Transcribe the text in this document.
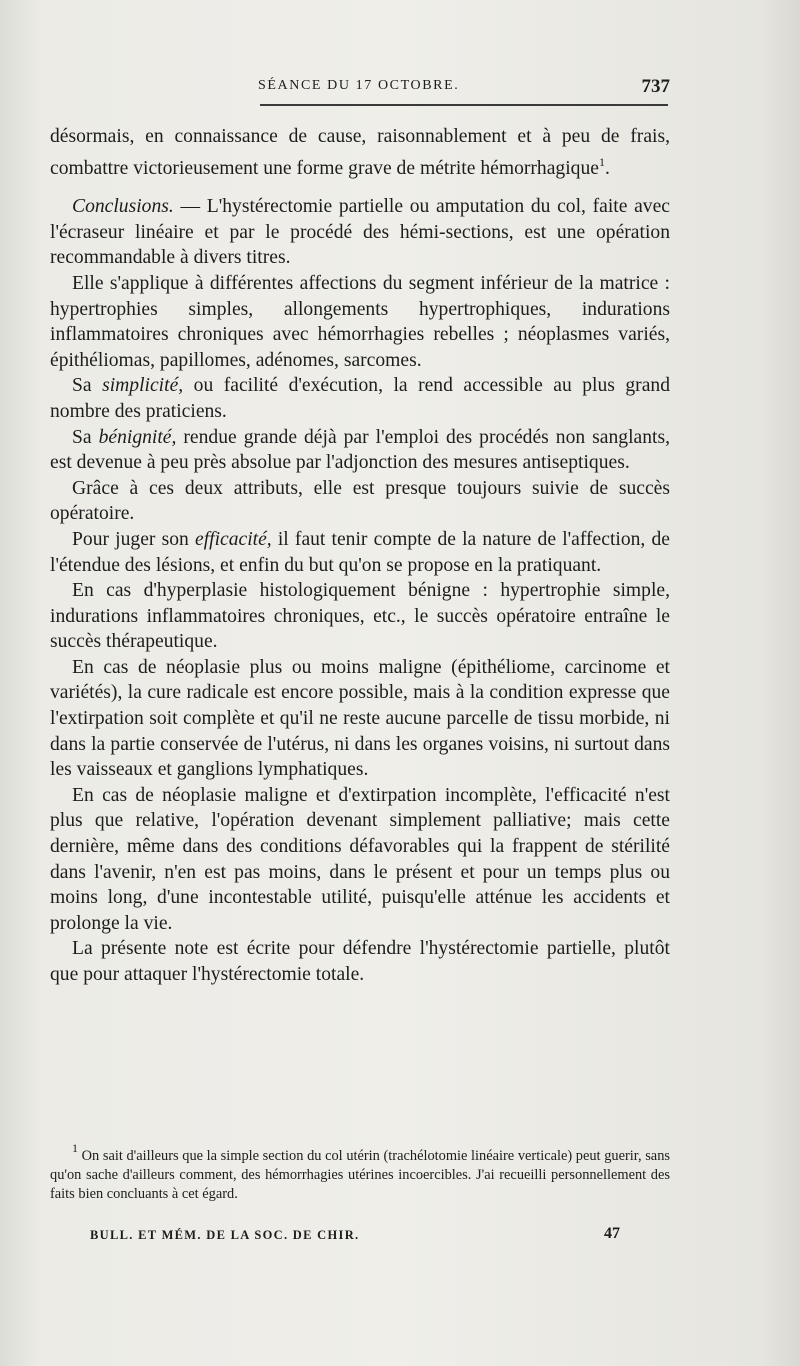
SÉANCE DU 17 OCTOBRE.	737

désormais, en connaissance de cause, raisonnablement et à peu de frais, combattre victorieusement une forme grave de métrite hémorrhagique$^1$.

Conclusions. — L'hystérectomie partielle ou amputation du col, faite avec l'écraseur linéaire et par le procédé des hémi-sections, est une opération recommandable à divers titres.

Elle s'applique à différentes affections du segment inférieur de la matrice : hypertrophies simples, allongements hypertrophiques, indurations inflammatoires chroniques avec hémorrhagies rebelles ; néoplasmes variés, épithéliomas, papillomes, adénomes, sarcomes.

Sa simplicité, ou facilité d'exécution, la rend accessible au plus grand nombre des praticiens.

Sa bénignité, rendue grande déjà par l'emploi des procédés non sanglants, est devenue à peu près absolue par l'adjonction des mesures antiseptiques.

Grâce à ces deux attributs, elle est presque toujours suivie de succès opératoire.

Pour juger son efficacité, il faut tenir compte de la nature de l'affection, de l'étendue des lésions, et enfin du but qu'on se propose en la pratiquant.

En cas d'hyperplasie histologiquement bénigne : hypertrophie simple, indurations inflammatoires chroniques, etc., le succès opératoire entraîne le succès thérapeutique.

En cas de néoplasie plus ou moins maligne (épithéliome, carcinome et variétés), la cure radicale est encore possible, mais à la condition expresse que l'extirpation soit complète et qu'il ne reste aucune parcelle de tissu morbide, ni dans la partie conservée de l'utérus, ni dans les organes voisins, ni surtout dans les vaisseaux et ganglions lymphatiques.

En cas de néoplasie maligne et d'extirpation incomplète, l'efficacité n'est plus que relative, l'opération devenant simplement palliative; mais cette dernière, même dans des conditions défavorables qui la frappent de stérilité dans l'avenir, n'en est pas moins, dans le présent et pour un temps plus ou moins long, d'une incontestable utilité, puisqu'elle atténue les accidents et prolonge la vie.

La présente note est écrite pour défendre l'hystérectomie partielle, plutôt que pour attaquer l'hystérectomie totale.

$^1$ On sait d'ailleurs que la simple section du col utérin (trachélotomie linéaire verticale) peut guerir, sans qu'on sache d'ailleurs comment, des hémorrhagies utérines incoercibles. J'ai recueilli personnellement des faits bien concluants à cet égard.

BULL. ET MÉM. DE LA SOC. DE CHIR.	47
